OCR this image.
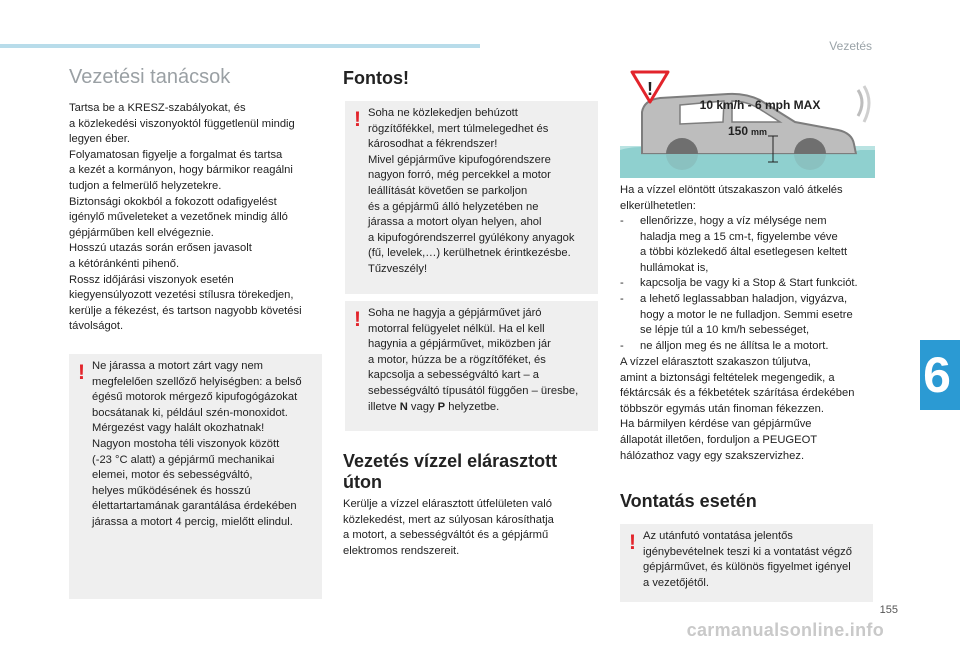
Vezetés
6
Vezetési tanácsok
Tartsa be a KRESZ-szabályokat, és
a közlekedési viszonyoktól függetlenül mindig
legyen éber.
Folyamatosan figyelje a forgalmat és tartsa
a kezét a kormányon, hogy bármikor reagálni
tudjon a felmerülő helyzetekre.
Biztonsági okokból a fokozott odafigyelést
igénylő műveleteket a vezetőnek mindig álló
gépjárműben kell elvégeznie.
Hosszú utazás során erősen javasolt
a kétóránkénti pihenő.
Rossz időjárási viszonyok esetén
kiegyensúlyozott vezetési stílusra törekedjen,
kerülje a fékezést, és tartson nagyobb követési
távolságot.
! Ne járassa a motort zárt vagy nem
megfelelően szellőző helyiségben: a belső
égésű motorok mérgező kipufogógázokat
bocsátanak ki, például szén-monoxidot.
Mérgezést vagy halált okozhatnak!
Nagyon mostoha téli viszonyok között
(-23 °C alatt) a gépjármű mechanikai
elemei, motor és sebességváltó,
helyes működésének és hosszú
élettartartamának garantálása érdekében
járassa a motort 4 percig, mielőtt elindul.
Fontos!
! Soha ne közlekedjen behúzott
rögzítőfékkel, mert túlmelegedhet és
károsodhat a fékrendszer!
Mivel gépjárműve kipufogórendszere
nagyon forró, még percekkel a motor
leállítását követően se parkoljon
és a gépjármű álló helyzetében ne
járassa a motort olyan helyen, ahol
a kipufogórendszerrel gyúlékony anyagok
(fű, levelek,…) kerülhetnek érintkezésbe.
Tűzveszély!
! Soha ne hagyja a gépjárművet járó
motorral felügyelet nélkül. Ha el kell
hagynia a gépjárművet, miközben jár
a motor, húzza be a rögzítőféket, és
kapcsolja a sebességváltó kart – a
sebességváltó típusától függően – üresbe,
illetve N vagy P helyzetbe.
Vezetés vízzel elárasztott
úton
Kerülje a vízzel elárasztott útfelületen való
közlekedést, mert az súlyosan károsíthatja
a motort, a sebességváltót és a gépjármű
elektromos rendszereit.
!
10 km/h - 6 mph MAX
150 mm
Ha a vízzel elöntött útszakaszon való átkelés
elkerülhetetlen:
- ellenőrizze, hogy a víz mélysége nem
haladja meg a 15 cm-t, figyelembe véve
a többi közlekedő által esetlegesen keltett
hullámokat is,
- kapcsolja be vagy ki a Stop & Start funkciót.
- a lehető leglassabban haladjon, vigyázva,
hogy a motor le ne fulladjon. Semmi esetre
se lépje túl a 10 km/h sebességet,
- ne álljon meg és ne állítsa le a motort.
A vízzel elárasztott szakaszon túljutva,
amint a biztonsági feltételek megengedik, a
féktárcsák és a fékbetétek szárítása érdekében
többször egymás után finoman fékezzen.
Ha bármilyen kérdése van gépjárműve
állapotát illetően, forduljon a PEUGEOT
hálózathoz vagy egy szakszervizhez.
Vontatás esetén
! Az utánfutó vontatása jelentős
igénybevételnek teszi ki a vontatást végző
gépjárművet, és különös figyelmet igényel
a vezetőjétől.
155
carmanualsonline.info
